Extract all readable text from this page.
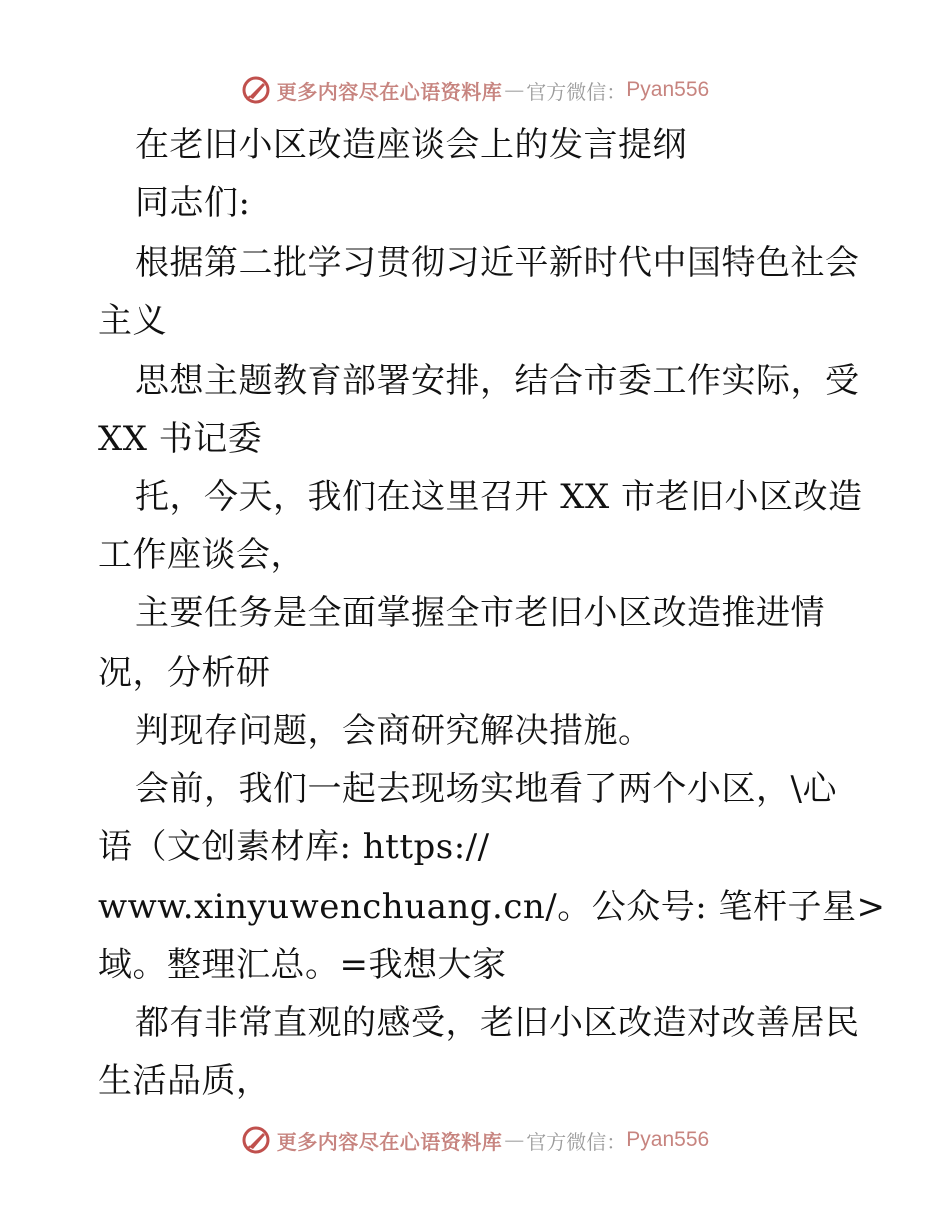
更多内容尽在心语资料库 — 官方微信： Pyan556
在老旧小区改造座谈会上的发言提纲
同志们:
根据第二批学习贯彻习近平新时代中国特色社会
主义
思想主题教育部署安排，结合市委工作实际，受
XX 书记委
托，今天，我们在这里召开 XX 市老旧小区改造
工作座谈会，
主要任务是全面掌握全市老旧小区改造推进情
况，分析研
判现存问题，会商研究解决措施。
会前，我们一起去现场实地看了两个小区，\心
语（文创素材库: https://
www.xinyuwenchuang.cn/。公众号: 笔杆子星>
域。整理汇总。=我想大家
都有非常直观的感受，老旧小区改造对改善居民
生活品质，
更多内容尽在心语资料库 — 官方微信： Pyan556
